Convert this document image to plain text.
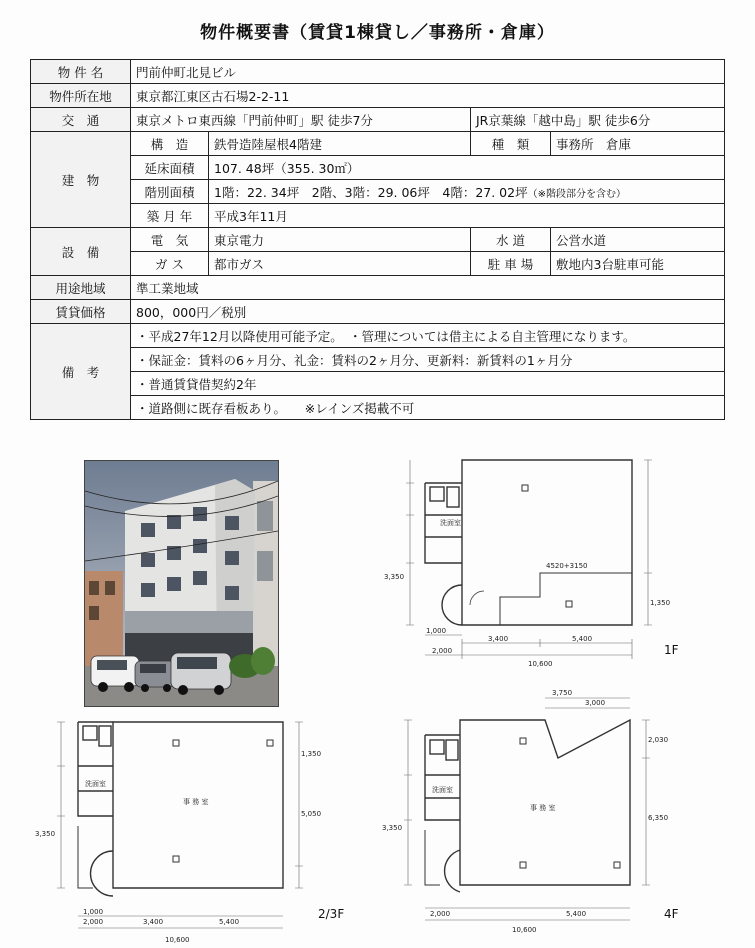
物件概要書（賃貸1棟貸し／事務所・倉庫）
物 件 名	門前仲町北見ビル			
物件所在地	東京都江東区古石場2-2-11			
交　通	東京メトロ東西線「門前仲町」駅 徒歩7分		JR京葉線「越中島」駅 徒歩6分	
建　物	構　造	鉄骨造陸屋根4階建	種　類	事務所　倉庫
	延床面積	107. 48坪（355. 30㎡）		
	階別面積	1階：22. 34坪　2階、3階：29. 06坪　4階：27. 02坪（※階段部分を含む）		
	築 月 年	平成3年11月		
設　備	電　気	東京電力	水 道	公営水道
	ガ ス	都市ガス	駐 車 場	敷地内3台駐車可能
用途地域	準工業地域			
賃貸価格	800，000円／税別			
備　考	・平成27年12月以降使用可能予定。　・管理については借主による自主管理になります。			
	・保証金：賃料の6ヶ月分、礼金：賃料の2ヶ月分、更新料：新賃料の1ヶ月分			
	・普通賃貸借契約2年			
	・道路側に既存看板あり。　　※レインズ掲載不可			
4520+3150
洗面室
2,000
3,400	5,400
10,600
1,000
1,350
3,350
1F
事 務 室
洗面室
2,000	3,400	5,400
10,600
1,000
5,050
1,350
3,350
2/3F
事 務 室
洗面室
3,750
3,000
2,030
6,350
5,400
10,600
2,000
3,350
4F
